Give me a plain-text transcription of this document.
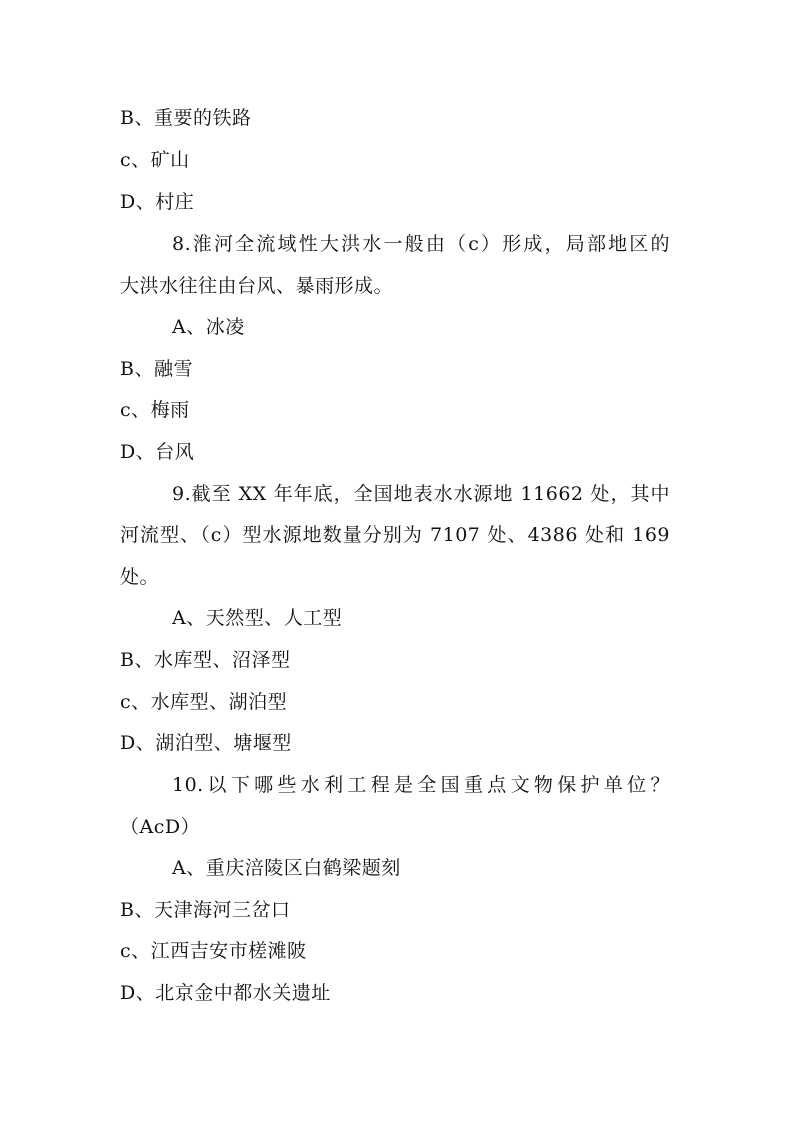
B、重要的铁路
c、矿山
D、村庄
8.淮河全流域性大洪水一般由（c）形成，局部地区的
大洪水往往由台风、暴雨形成。
A、冰凌
B、融雪
c、梅雨
D、台风
9.截至 XX 年年底，全国地表水水源地 11662 处，其中
河流型、（c）型水源地数量分别为 7107 处、4386 处和 169
处。
A、天然型、人工型
B、水库型、沼泽型
c、水库型、湖泊型
D、湖泊型、塘堰型
10.以下哪些水利工程是全国重点文物保护单位？
（AcD）
A、重庆涪陵区白鹤梁题刻
B、天津海河三岔口
c、江西吉安市槎滩陂
D、北京金中都水关遗址
